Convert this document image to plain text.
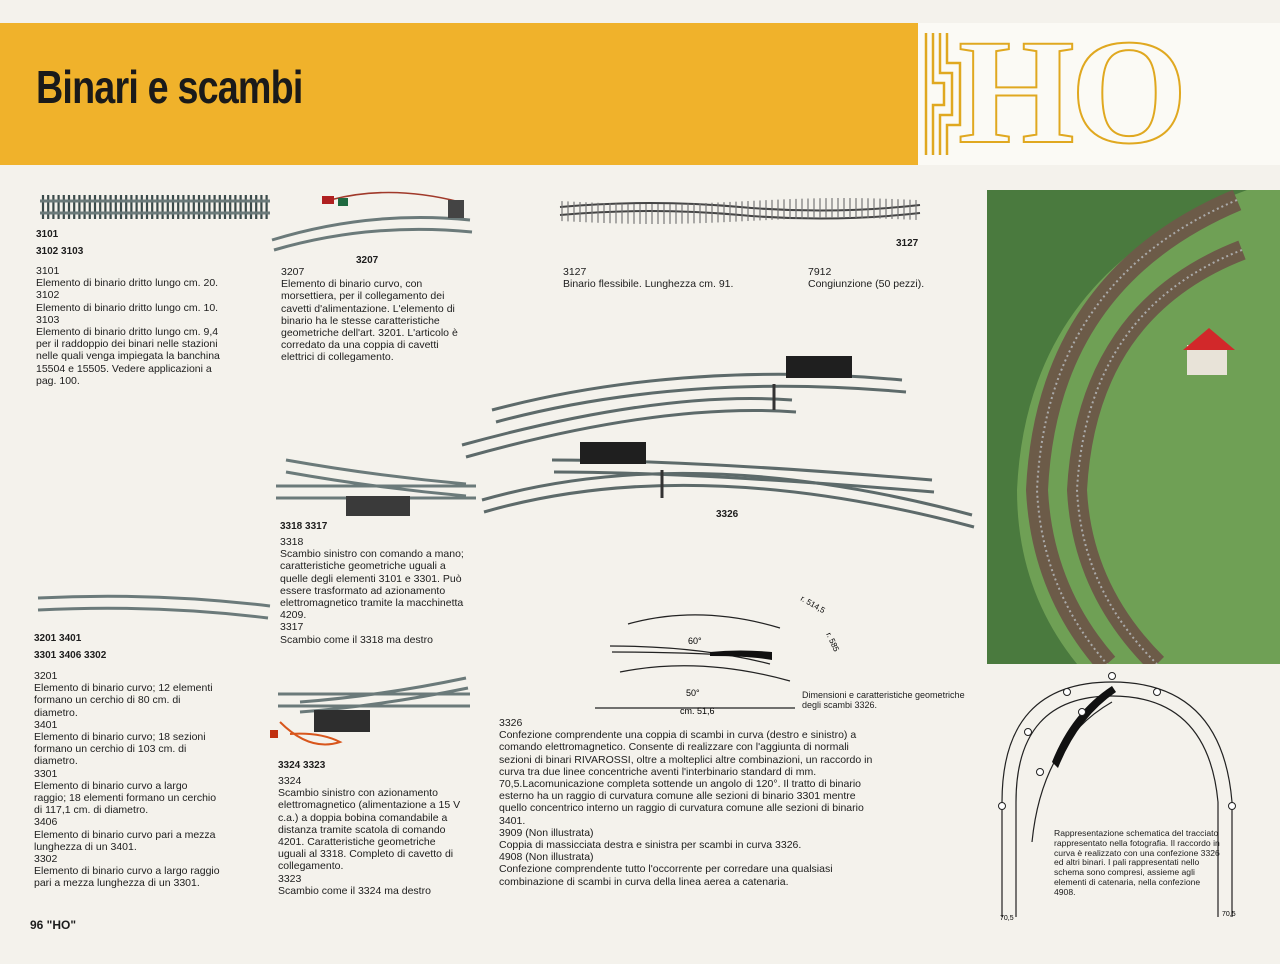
Binari e scambi	HO
3101
3102 3103
3101
Elemento di binario dritto lungo cm. 20.
3102
Elemento di binario dritto lungo cm. 10.
3103
Elemento di binario dritto lungo cm. 9,4 per il raddoppio dei binari nelle stazioni nelle quali venga impiegata la banchina 15504 e 15505. Vedere applicazioni a pag. 100.
3207
3207
Elemento di binario curvo, con morsettiera, per il collegamento dei cavetti d'alimentazione. L'elemento di binario ha le stesse caratteristiche geometriche dell'art. 3201. L'articolo è corredato da una coppia di cavetti elettrici di collegamento.
3127
3127
Binario flessibile. Lunghezza cm. 91.
7912
Congiunzione (50 pezzi).
3326
3318 3317
3318
Scambio sinistro con comando a mano; caratteristiche geometriche uguali a quelle degli elementi 3101 e 3301. Può essere trasformato ad azionamento elettromagnetico tramite la macchinetta 4209.
3317
Scambio come il 3318 ma destro
3201 3401
3301 3406 3302
3201
Elemento di binario curvo; 12 elementi formano un cerchio di 80 cm. di diametro.
3401
Elemento di binario curvo; 18 sezioni formano un cerchio di 103 cm. di diametro.
3301
Elemento di binario curvo a largo raggio; 18 elementi formano un cerchio di 117,1 cm. di diametro.
3406
Elemento di binario curvo pari a mezza lunghezza di un 3401.
3302
Elemento di binario curvo a largo raggio pari a mezza lunghezza di un 3301.
3324 3323
3324
Scambio sinistro con azionamento elettromagnetico (alimentazione a 15 V c.a.) a doppia bobina comandabile a distanza tramite scatola di comando 4201. Caratteristiche geometriche uguali al 3318. Completo di cavetto di collegamento.
3323
Scambio come il 3324 ma destro
60°
50°
cm. 51,6
r. 514,5
r. 585
Dimensioni e caratteristiche geometriche degli scambi 3326.
3326
Confezione comprendente una coppia di scambi in curva (destro e sinistro) a comando elettromagnetico. Consente di realizzare con l'aggiunta di normali sezioni di binari RIVAROSSI, oltre a molteplici altre combinazioni, un raccordo in curva tra due linee concentriche aventi l'interbinario standard di mm. 70,5.Lacomunicazione completa sottende un angolo di 120°. Il tratto di binario esterno ha un raggio di curvatura comune alle sezioni di binario 3301 mentre quello concentrico interno un raggio di curvatura comune alle sezioni di binario 3401.
3909 (Non illustrata)
Coppia di massicciata destra e sinistra per scambi in curva 3326.
4908 (Non illustrata)
Confezione comprendente tutto l'occorrente per corredare una qualsiasi combinazione di scambi in curva della linea aerea a catenaria.
70,5
70,5
Rappresentazione schematica del tracciato rappresentato nella fotografia. Il raccordo in curva è realizzato con una confezione 3326 ed altri binari. I pali rappresentati nello schema sono compresi, assieme agli elementi di catenaria, nella confezione 4908.
96 "HO"
